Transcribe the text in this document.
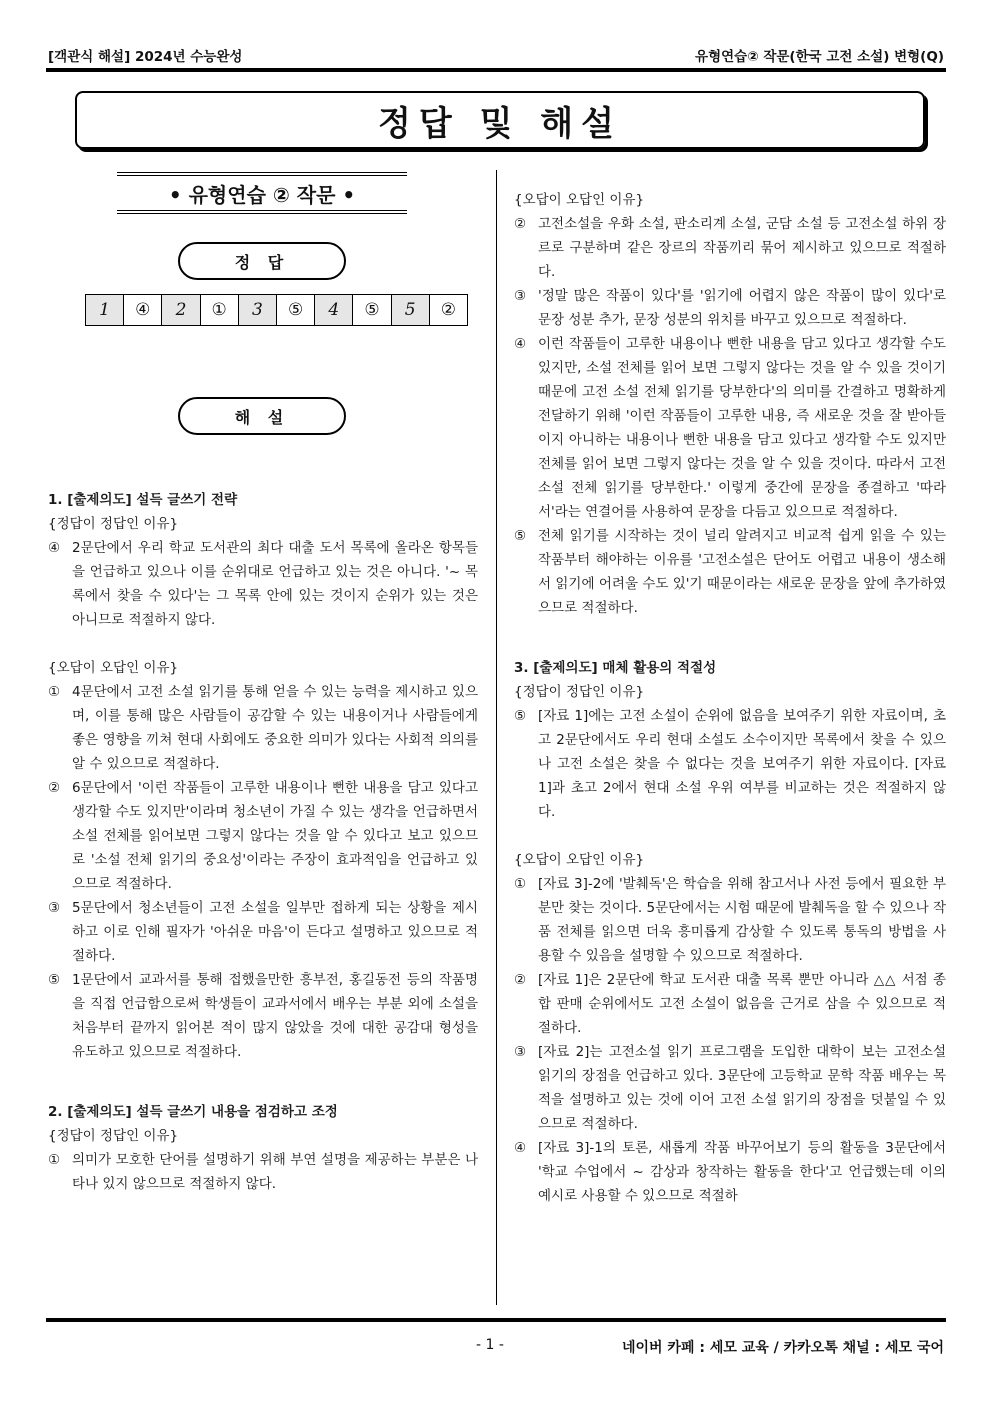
[객관식 해설] 2024년 수능완성	유형연습② 작문(한국 고전 소설) 변형(Q)
정답 및 해설
• 유형연습 ② 작문 •
정 답
1	④	2	①	3	⑤	4	⑤	5	②
해 설
1. [출제의도] 설득 글쓰기 전략
{정답이 정답인 이유}
④ 2문단에서 우리 학교 도서관의 최다 대출 도서 목록에 올라온 항목들을 언급하고 있으나 이를 순위대로 언급하고 있는 것은 아니다. '~ 목록에서 찾을 수 있다'는 그 목록 안에 있는 것이지 순위가 있는 것은 아니므로 적절하지 않다.
{오답이 오답인 이유}
① 4문단에서 고전 소설 읽기를 통해 얻을 수 있는 능력을 제시하고 있으며, 이를 통해 많은 사람들이 공감할 수 있는 내용이거나 사람들에게 좋은 영향을 끼쳐 현대 사회에도 중요한 의미가 있다는 사회적 의의를 알 수 있으므로 적절하다.
② 6문단에서 '이런 작품들이 고루한 내용이나 뻔한 내용을 담고 있다고 생각할 수도 있지만'이라며 청소년이 가질 수 있는 생각을 언급하면서 소설 전체를 읽어보면 그렇지 않다는 것을 알 수 있다고 보고 있으므로 '소설 전체 읽기의 중요성'이라는 주장이 효과적임을 언급하고 있으므로 적절하다.
③ 5문단에서 청소년들이 고전 소설을 일부만 접하게 되는 상황을 제시하고 이로 인해 필자가 '아쉬운 마음'이 든다고 설명하고 있으므로 적절하다.
⑤ 1문단에서 교과서를 통해 접했을만한 흥부전, 홍길동전 등의 작품명을 직접 언급함으로써 학생들이 교과서에서 배우는 부분 외에 소설을 처음부터 끝까지 읽어본 적이 많지 않았을 것에 대한 공감대 형성을 유도하고 있으므로 적절하다.
2. [출제의도] 설득 글쓰기 내용을 점검하고 조정
{정답이 정답인 이유}
① 의미가 모호한 단어를 설명하기 위해 부연 설명을 제공하는 부분은 나타나 있지 않으므로 적절하지 않다.
{오답이 오답인 이유}
② 고전소설을 우화 소설, 판소리계 소설, 군담 소설 등 고전소설 하위 장르로 구분하며 같은 장르의 작품끼리 묶어 제시하고 있으므로 적절하다.
③ '정말 많은 작품이 있다'를 '읽기에 어렵지 않은 작품이 많이 있다'로 문장 성분 추가, 문장 성분의 위치를 바꾸고 있으므로 적절하다.
④ 이런 작품들이 고루한 내용이나 뻔한 내용을 담고 있다고 생각할 수도 있지만, 소설 전체를 읽어 보면 그렇지 않다는 것을 알 수 있을 것이기 때문에 고전 소설 전체 읽기를 당부한다'의 의미를 간결하고 명확하게 전달하기 위해 '이런 작품들이 고루한 내용, 즉 새로운 것을 잘 받아들이지 아니하는 내용이나 뻔한 내용을 담고 있다고 생각할 수도 있지만 전체를 읽어 보면 그렇지 않다는 것을 알 수 있을 것이다. 따라서 고전 소설 전체 읽기를 당부한다.' 이렇게 중간에 문장을 종결하고 '따라서'라는 연결어를 사용하여 문장을 다듬고 있으므로 적절하다.
⑤ 전체 읽기를 시작하는 것이 널리 알려지고 비교적 쉽게 읽을 수 있는 작품부터 해야하는 이유를 '고전소설은 단어도 어렵고 내용이 생소해서 읽기에 어려울 수도 있'기 때문이라는 새로운 문장을 앞에 추가하였으므로 적절하다.
3. [출제의도] 매체 활용의 적절성
{정답이 정답인 이유}
⑤ [자료 1]에는 고전 소설이 순위에 없음을 보여주기 위한 자료이며, 초고 2문단에서도 우리 현대 소설도 소수이지만 목록에서 찾을 수 있으나 고전 소설은 찾을 수 없다는 것을 보여주기 위한 자료이다. [자료 1]과 초고 2에서 현대 소설 우위 여부를 비교하는 것은 적절하지 않다.
{오답이 오답인 이유}
① [자료 3]-2에 '발췌독'은 학습을 위해 참고서나 사전 등에서 필요한 부분만 찾는 것이다. 5문단에서는 시험 때문에 발췌독을 할 수 있으나 작품 전체를 읽으면 더욱 흥미롭게 감상할 수 있도록 통독의 방법을 사용할 수 있음을 설명할 수 있으므로 적절하다.
② [자료 1]은 2문단에 학교 도서관 대출 목록 뿐만 아니라 △△ 서점 종합 판매 순위에서도 고전 소설이 없음을 근거로 삼을 수 있으므로 적절하다.
③ [자료 2]는 고전소설 읽기 프로그램을 도입한 대학이 보는 고전소설 읽기의 장점을 언급하고 있다. 3문단에 고등학교 문학 작품 배우는 목적을 설명하고 있는 것에 이어 고전 소설 읽기의 장점을 덧붙일 수 있으므로 적절하다.
④ [자료 3]-1의 토론, 새롭게 작품 바꾸어보기 등의 활동을 3문단에서 '학교 수업에서 ~ 감상과 창작하는 활동을 한다'고 언급했는데 이의 예시로 사용할 수 있으므로 적절하
- 1 -	네이버 카페 : 세모 교육 / 카카오톡 채널 : 세모 국어
